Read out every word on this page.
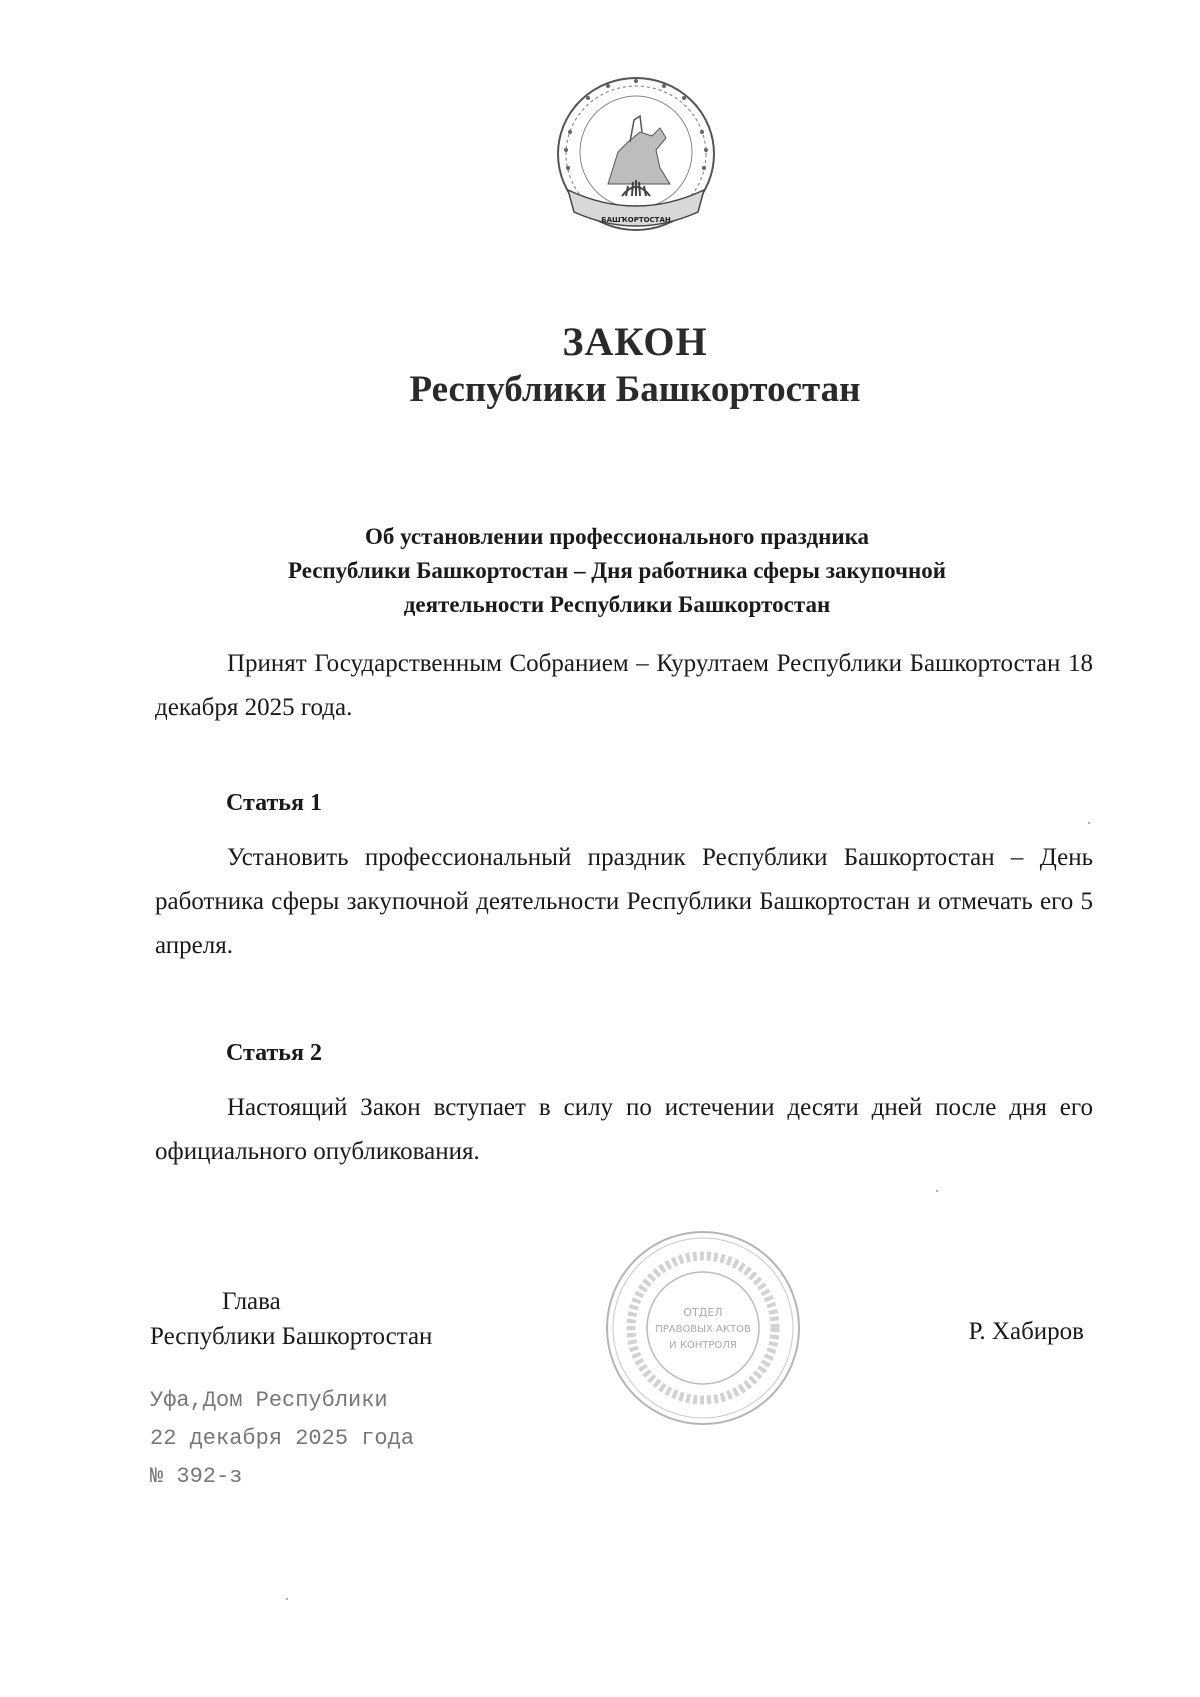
БАШҠОРТОСТАН
ЗАКОН
Республики Башкортостан
Об установлении профессионального праздника
Республики Башкортостан – Дня работника сферы закупочной
деятельности Республики Башкортостан
Принят Государственным Собранием – Курултаем Республики Башкортостан 18 декабря 2025 года.
Статья 1
Установить профессиональный праздник Республики Башкортостан – День работника сферы закупочной деятельности Республики Башкортостан и отмечать его 5 апреля.
Статья 2
Настоящий Закон вступает в силу по истечении десяти дней после дня его официального опубликования.
Глава
Республики Башкортостан	Р. Хабиров
ОТДЕЛ
ПРАВОВЫХ АКТОВ
И КОНТРОЛЯ
Уфа,Дом Республики
22 декабря 2025 года
№ 392-з
